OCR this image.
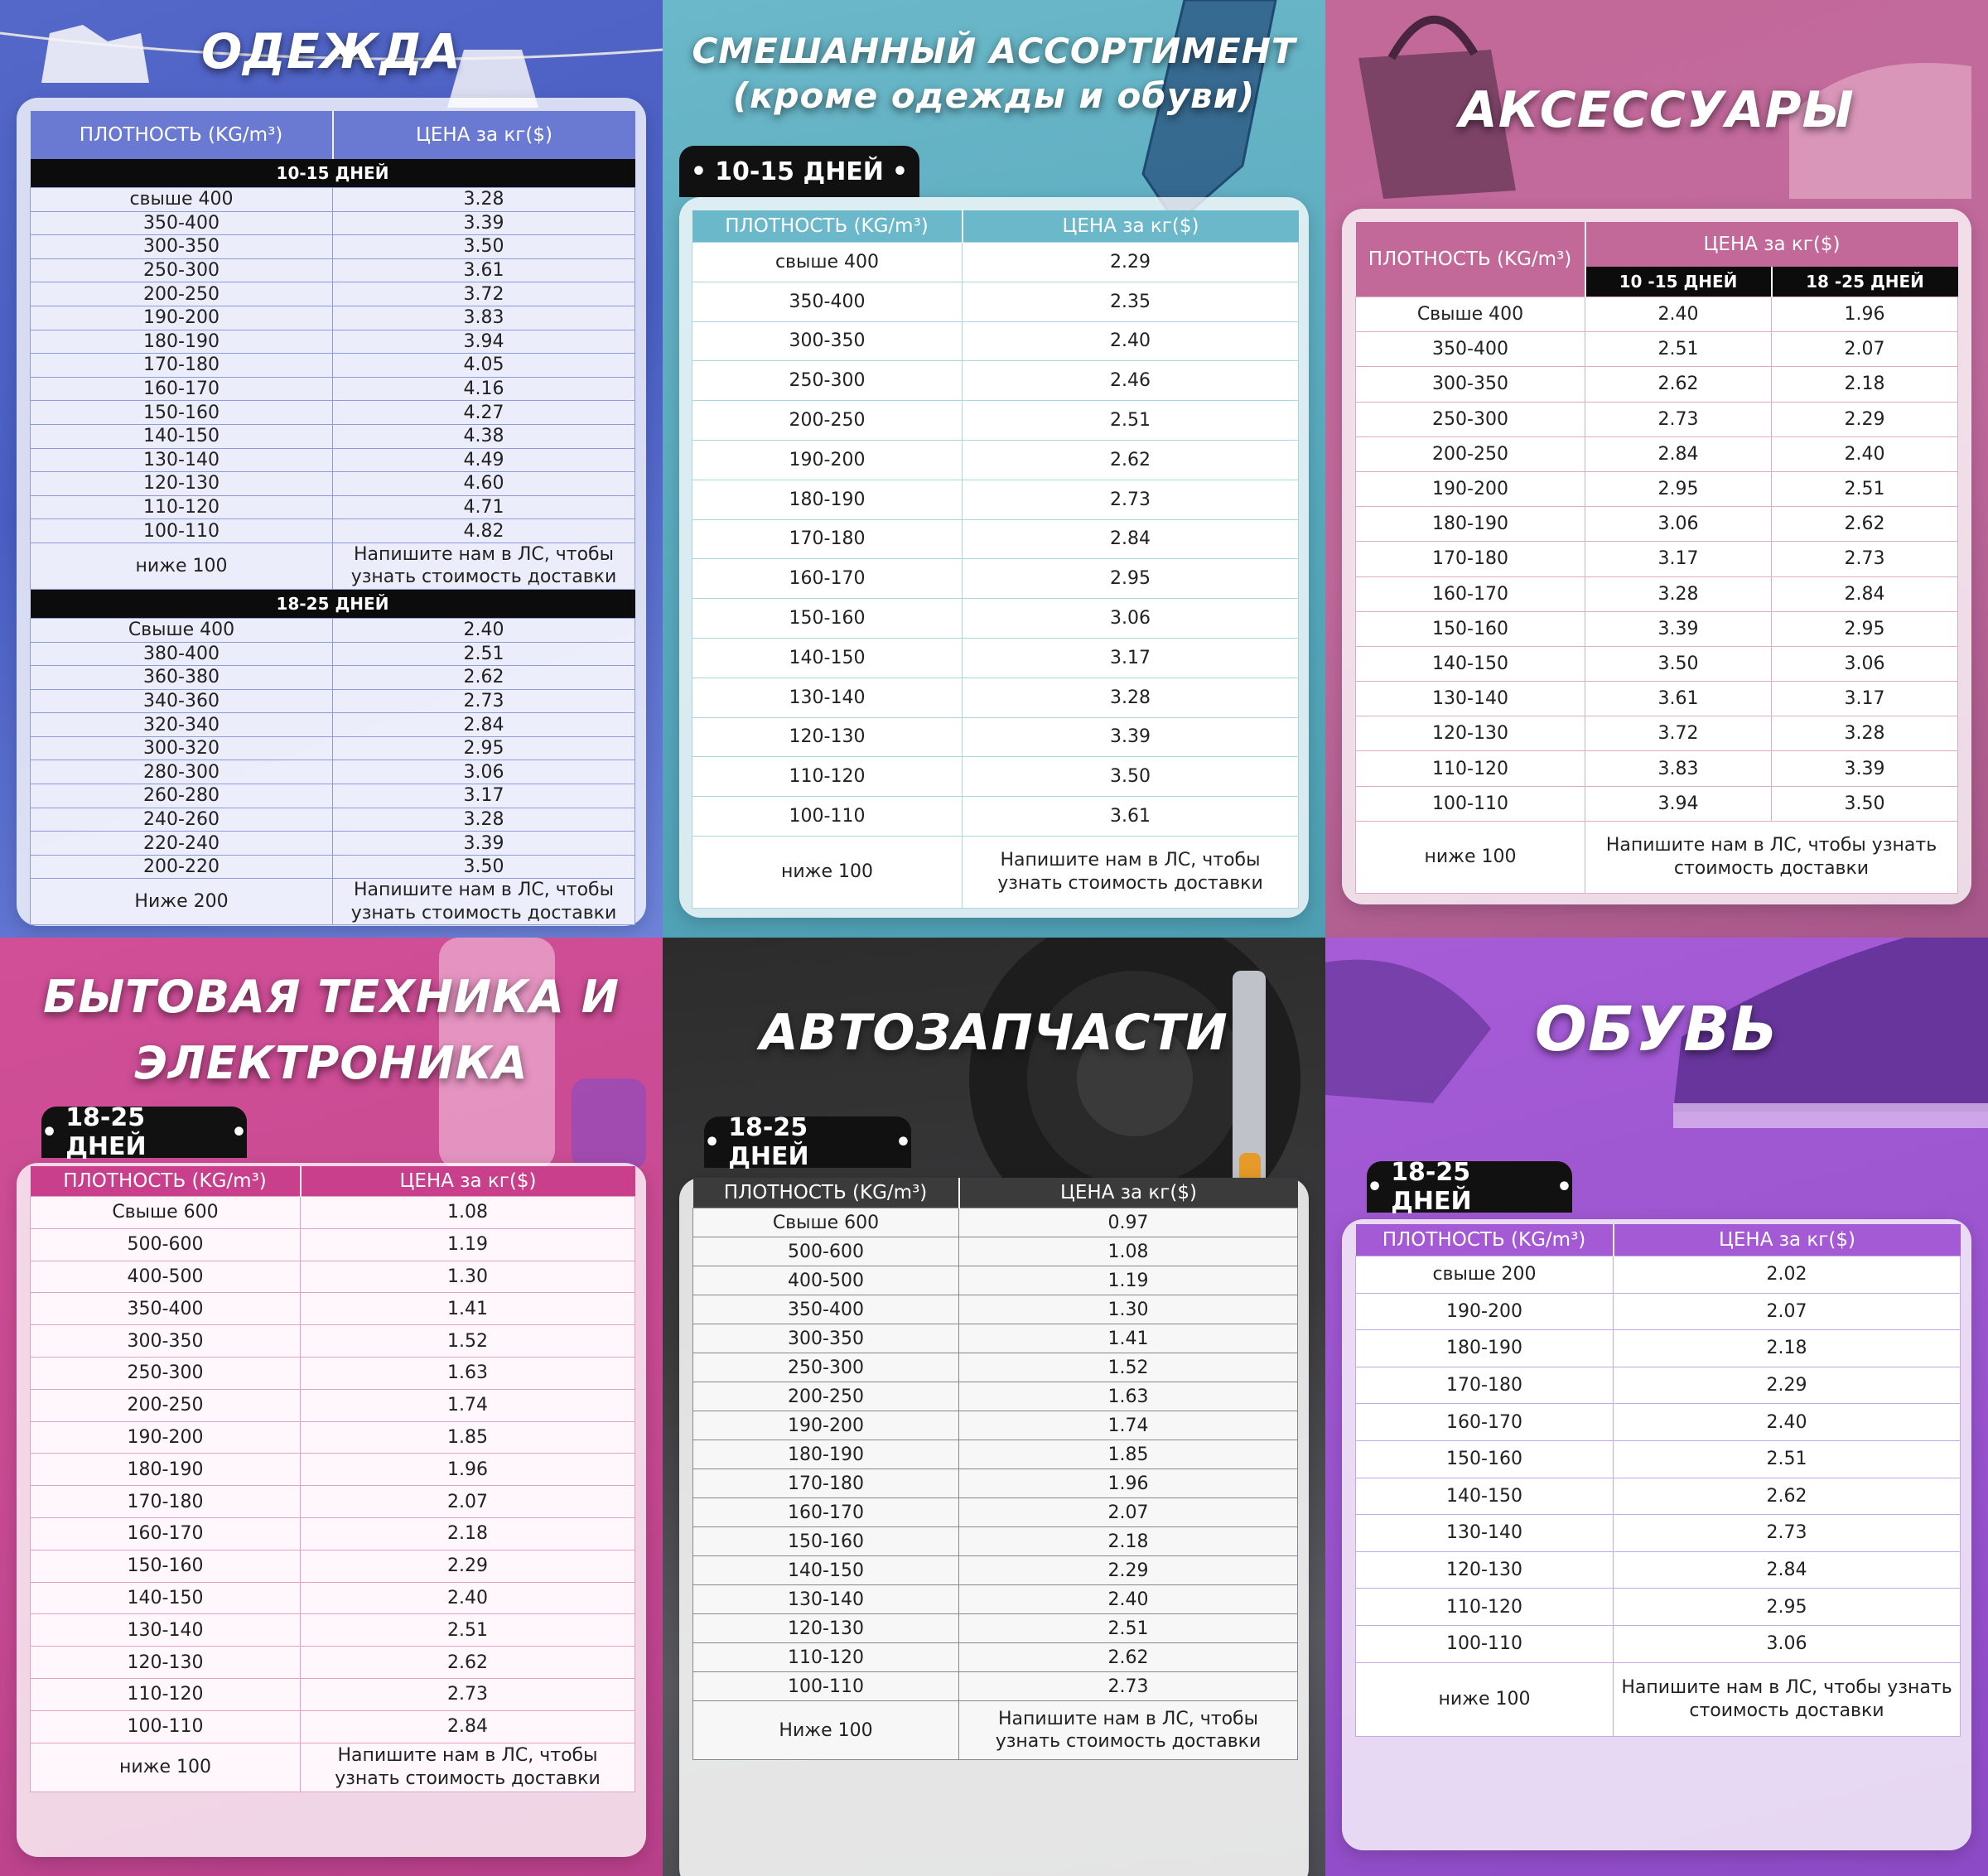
ОДЕЖДА
ПЛОТНОСТЬ (KG/m³)	ЦЕНА за кг($)
10-15 ДНЕЙ	
свыше 400	3.28
350-400	3.39
300-350	3.50
250-300	3.61
200-250	3.72
190-200	3.83
180-190	3.94
170-180	4.05
160-170	4.16
150-160	4.27
140-150	4.38
130-140	4.49
120-130	4.60
110-120	4.71
100-110	4.82
ниже 100	Напишите нам в ЛС, чтобы узнать стоимость доставки
18-25 ДНЕЙ	
Свыше 400	2.40
380-400	2.51
360-380	2.62
340-360	2.73
320-340	2.84
300-320	2.95
280-300	3.06
260-280	3.17
240-260	3.28
220-240	3.39
200-220	3.50
Ниже 200	Напишите нам в ЛС, чтобы узнать стоимость доставки
СМЕШАННЫЙ АССОРТИМЕНТ
(кроме одежды и обуви)
• 10-15 ДНЕЙ •
ПЛОТНОСТЬ (KG/m³)	ЦЕНА за кг($)
свыше 400	2.29
350-400	2.35
300-350	2.40
250-300	2.46
200-250	2.51
190-200	2.62
180-190	2.73
170-180	2.84
160-170	2.95
150-160	3.06
140-150	3.17
130-140	3.28
120-130	3.39
110-120	3.50
100-110	3.61
ниже 100	Напишите нам в ЛС, чтобы узнать стоимость доставки
АКСЕССУАРЫ
ПЛОТНОСТЬ (KG/m³)	ЦЕНА за кг($)	
	10 -15 ДНЕЙ	18 -25 ДНЕЙ
Свыше 400	2.40	1.96
350-400	2.51	2.07
300-350	2.62	2.18
250-300	2.73	2.29
200-250	2.84	2.40
190-200	2.95	2.51
180-190	3.06	2.62
170-180	3.17	2.73
160-170	3.28	2.84
150-160	3.39	2.95
140-150	3.50	3.06
130-140	3.61	3.17
120-130	3.72	3.28
110-120	3.83	3.39
100-110	3.94	3.50
ниже 100	Напишите нам в ЛС, чтобы узнать стоимость доставки	
БЫТОВАЯ ТЕХНИКА И
ЭЛЕКТРОНИКА
• 18-25 ДНЕЙ	•
ПЛОТНОСТЬ (KG/m³)	ЦЕНА за кг($)
Свыше 600	1.08
500-600	1.19
400-500	1.30
350-400	1.41
300-350	1.52
250-300	1.63
200-250	1.74
190-200	1.85
180-190	1.96
170-180	2.07
160-170	2.18
150-160	2.29
140-150	2.40
130-140	2.51
120-130	2.62
110-120	2.73
100-110	2.84
ниже 100	Напишите нам в ЛС, чтобы узнать стоимость доставки
АВТОЗАПЧАСТИ
• 18-25 ДНЕЙ	•
ПЛОТНОСТЬ (KG/m³)	ЦЕНА за кг($)
Свыше 600	0.97
500-600	1.08
400-500	1.19
350-400	1.30
300-350	1.41
250-300	1.52
200-250	1.63
190-200	1.74
180-190	1.85
170-180	1.96
160-170	2.07
150-160	2.18
140-150	2.29
130-140	2.40
120-130	2.51
110-120	2.62
100-110	2.73
Ниже 100	Напишите нам в ЛС, чтобы узнать стоимость доставки
ОБУВЬ
• 18-25 ДНЕЙ	•
ПЛОТНОСТЬ (KG/m³)	ЦЕНА за кг($)
свыше 200	2.02
190-200	2.07
180-190	2.18
170-180	2.29
160-170	2.40
150-160	2.51
140-150	2.62
130-140	2.73
120-130	2.84
110-120	2.95
100-110	3.06
ниже 100	Напишите нам в ЛС, чтобы узнать стоимость доставки
